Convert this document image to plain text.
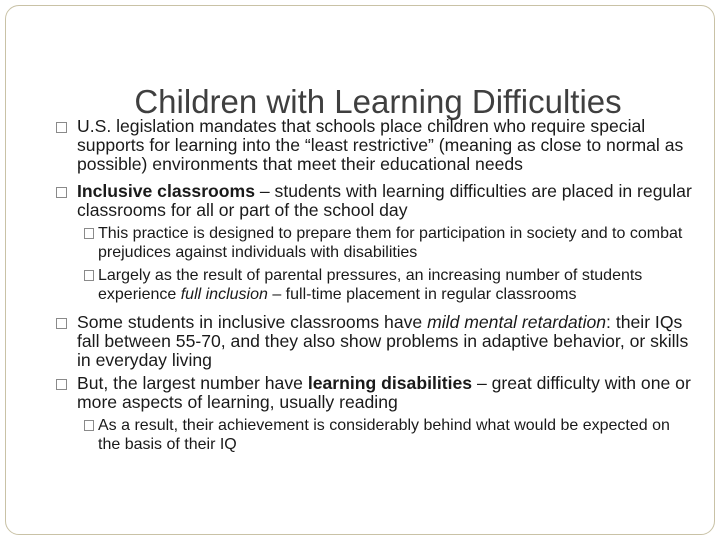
Children with Learning Difficulties
U.S. legislation mandates that schools place children who require special supports for learning into the “least restrictive” (meaning as close to normal as possible) environments that meet their educational needs
Inclusive classrooms – students with learning difficulties are placed in regular classrooms for all or part of the school day
This practice is designed to prepare them for participation in society and to combat prejudices against individuals with disabilities
Largely as the result of parental pressures, an increasing number of students experience full inclusion – full-time placement in regular classrooms
Some students in inclusive classrooms have mild mental retardation: their IQs fall between 55-70, and they also show problems in adaptive behavior, or skills in everyday living
But, the largest number have learning disabilities – great difficulty with one or more aspects of learning, usually reading
As a result, their achievement is considerably behind what would be expected on the basis of their IQ
